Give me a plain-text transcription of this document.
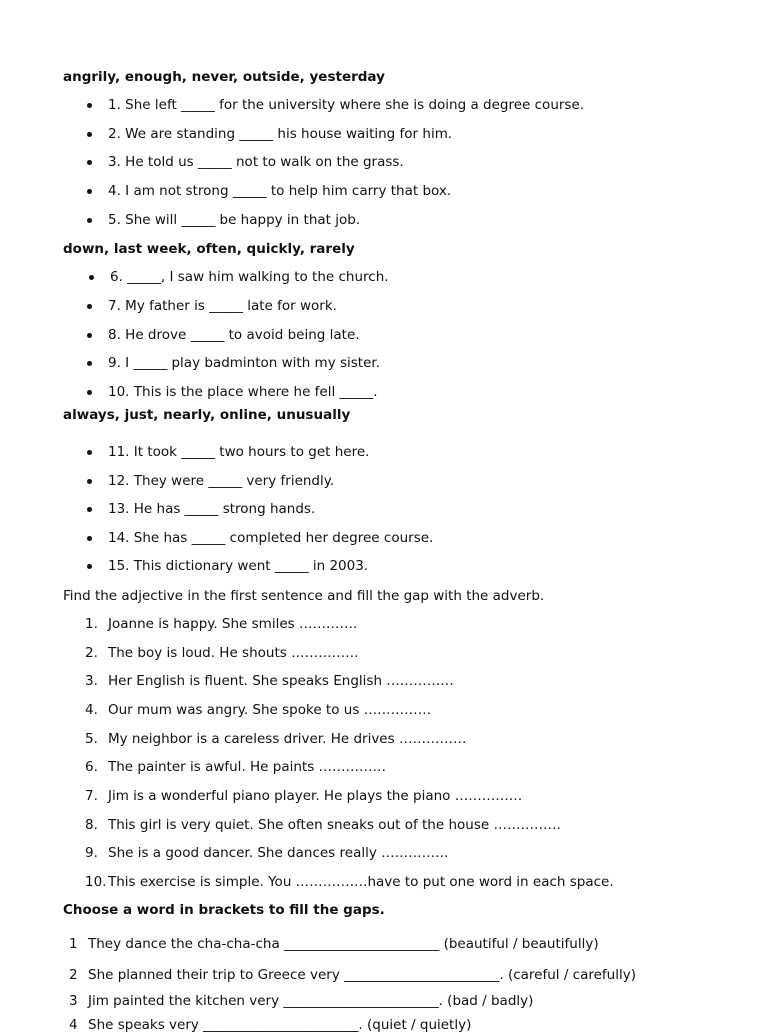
angrily, enough, never, outside, yesterday
1. She left _____ for the university where she is doing a degree course.
2. We are standing _____ his house waiting for him.
3. He told us _____ not to walk on the grass.
4. I am not strong _____ to help him carry that box.
5. She will _____ be happy in that job.
down, last week, often, quickly, rarely
6. _____, I saw him walking to the church.
7. My father is _____ late for work.
8. He drove _____ to avoid being late.
9. I _____ play badminton with my sister.
10. This is the place where he fell _____.
always, just, nearly, online, unusually
11. It took _____ two hours to get here.
12. They were _____ very friendly.
13. He has _____ strong hands.
14. She has _____ completed her degree course.
15. This dictionary went _____ in 2003.
Find the adjective in the first sentence and fill the gap with the adverb.
1. Joanne is happy. She smiles ………….
2. The boy is loud. He shouts ……………
3. Her English is fluent. She speaks English ……………
4. Our mum was angry. She spoke to us ……………
5. My neighbor is a careless driver. He drives ……………
6. The painter is awful. He paints ……………
7. Jim is a wonderful piano player. He plays the piano ……………
8. This girl is very quiet. She often sneaks out of the house ……………
9. She is a good dancer. She dances really ……………
10. This exercise is simple. You …………….have to put one word in each space.
Choose a word in brackets to fill the gaps.
1 They dance the cha-cha-cha _______________________ (beautiful / beautifully)
2 She planned their trip to Greece very _______________________. (careful / carefully)
3 Jim painted the kitchen very _______________________. (bad / badly)
4 She speaks very _______________________. (quiet / quietly)
